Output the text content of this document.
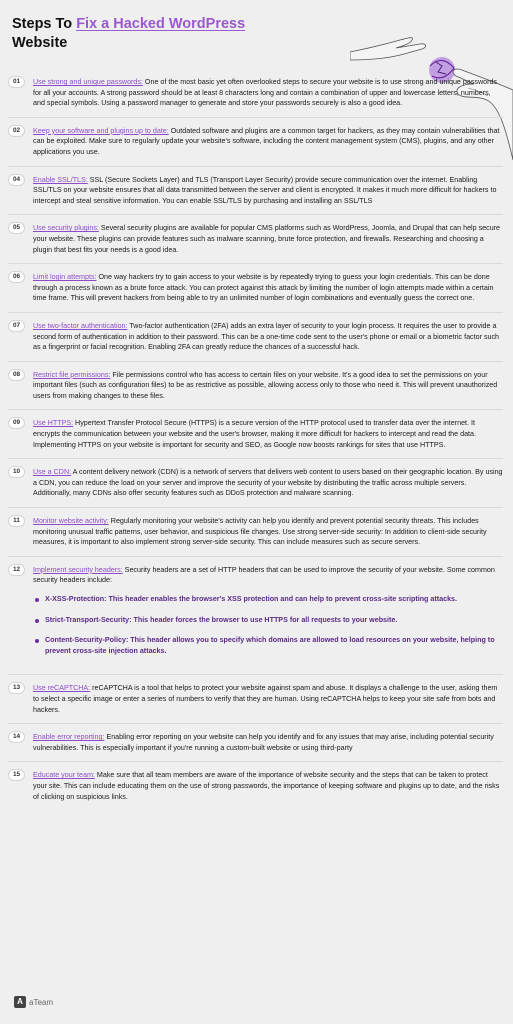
Steps To Fix a Hacked WordPress
Website
01	Use strong and unique passwords: One of the most basic yet often overlooked steps to secure your website is to use strong and unique passwords for all your accounts. A strong password should be at least 8 characters long and contain a combination of upper and lowercase letters, numbers, and special symbols. Using a password manager to generate and store your passwords securely is also a good idea.
02	Keep your software and plugins up to date: Outdated software and plugins are a common target for hackers, as they may contain vulnerabilities that can be exploited. Make sure to regularly update your website's software, including the content management system (CMS), plugins, and any other applications you use.
04	Enable SSL/TLS: SSL (Secure Sockets Layer) and TLS (Transport Layer Security) provide secure communication over the internet. Enabling SSL/TLS on your website ensures that all data transmitted between the server and client is encrypted. It makes it much more difficult for hackers to intercept and steal sensitive information. You can enable SSL/TLS by purchasing and installing an SSL/TLS
05	Use security plugins: Several security plugins are available for popular CMS platforms such as WordPress, Joomla, and Drupal that can help secure your website. These plugins can provide features such as malware scanning, brute force protection, and firewalls. Researching and choosing a plugin that best fits your needs is a good idea.
06	Limit login attempts: One way hackers try to gain access to your website is by repeatedly trying to guess your login credentials. This can be done through a process known as a brute force attack. You can protect against this attack by limiting the number of login attempts made within a certain time frame. This will prevent hackers from being able to try an unlimited number of login combinations and eventually guess the correct one.
07	Use two-factor authentication: Two-factor authentication (2FA) adds an extra layer of security to your login process. It requires the user to provide a second form of authentication in addition to their password. This can be a one-time code sent to the user's phone or email or a biometric factor such as a fingerprint or facial recognition. Enabling 2FA can greatly reduce the chances of a successful hack.
08	Restrict file permissions: File permissions control who has access to certain files on your website. It's a good idea to set the permissions on your important files (such as configuration files) to be as restrictive as possible, allowing access only to those who need it. This will prevent unauthorized users from making changes to these files.
09	Use HTTPS: Hypertext Transfer Protocol Secure (HTTPS) is a secure version of the HTTP protocol used to transfer data over the internet. It encrypts the communication between your website and the user's browser, making it more difficult for hackers to intercept and read the data. Implementing HTTPS on your website is important for security and SEO, as Google now boosts rankings for sites that use HTTPS.
10	Use a CDN: A content delivery network (CDN) is a network of servers that delivers web content to users based on their geographic location. By using a CDN, you can reduce the load on your server and improve the security of your website by distributing the traffic across multiple servers. Additionally, many CDNs also offer security features such as DDoS protection and malware scanning.
11	Monitor website activity: Regularly monitoring your website's activity can help you identify and prevent potential security threats. This includes monitoring unusual traffic patterns, user behavior, and suspicious file changes. Use strong server-side security: In addition to client-side security measures, it is important to also implement strong server-side security. This can include measures such as secure servers.
12	Implement security headers: Security headers are a set of HTTP headers that can be used to improve the security of your website. Some common security headers include:
X-XSS-Protection: This header enables the browser's XSS protection and can help to prevent cross-site scripting attacks.
Strict-Transport-Security: This header forces the browser to use HTTPS for all requests to your website.
Content-Security-Policy: This header allows you to specify which domains are allowed to load resources on your website, helping to prevent cross-site injection attacks.
13	Use reCAPTCHA: reCAPTCHA is a tool that helps to protect your website against spam and abuse. It displays a challenge to the user, asking them to select a specific image or enter a series of numbers to verify that they are human. Using reCAPTCHA helps to keep your site safe from bots and hackers.
14	Enable error reporting: Enabling error reporting on your website can help you identify and fix any issues that may arise, including potential security vulnerabilities. This is especially important if you're running a custom-built website or using third-party
15	Educate your team: Make sure that all team members are aware of the importance of website security and the steps that can be taken to protect your site. This can include educating them on the use of strong passwords, the importance of keeping software and plugins up to date, and the risks of clicking on suspicious links.
A aTeam
